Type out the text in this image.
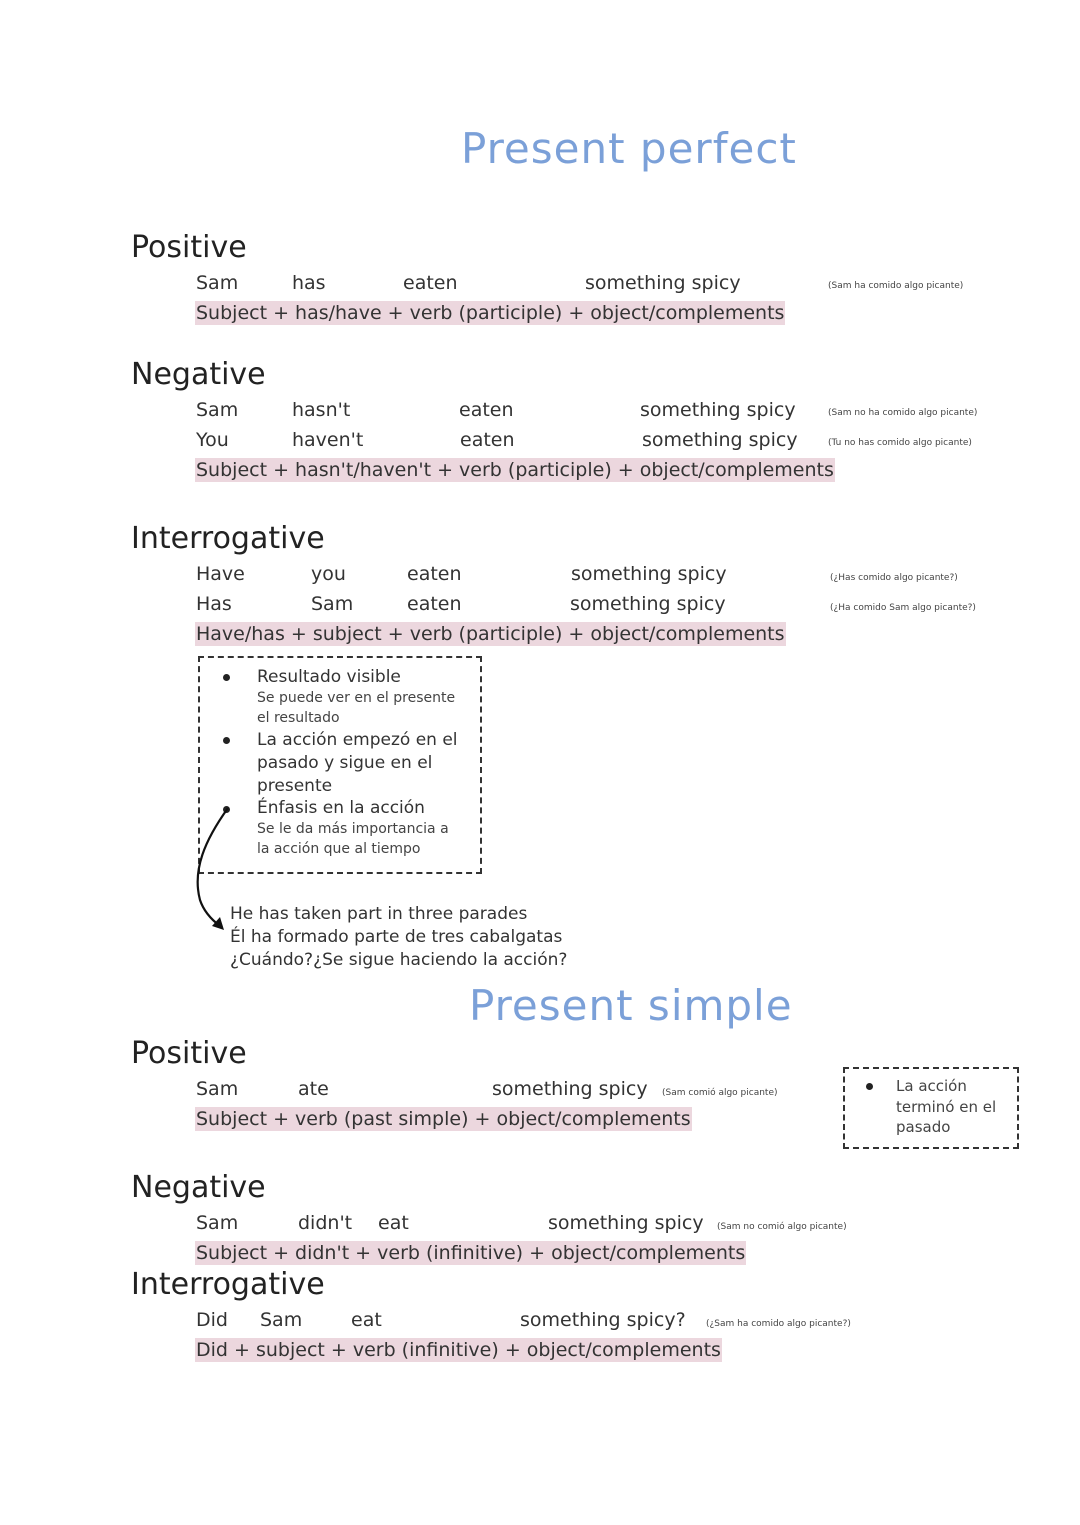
Present perfect
Positive
Sam	has	eaten	something spicy	(Sam ha comido algo picante)
Subject + has/have + verb (participle) + object/complements
Negative
Sam	hasn't	eaten	something spicy	(Sam no ha comido algo picante)
You	haven't	eaten	something spicy	(Tu no has comido algo picante)
Subject + hasn't/haven't + verb (participle) + object/complements
Interrogative
Have	you	eaten	something spicy	(¿Has comido algo picante?)
Has	Sam	eaten	something spicy	(¿Ha comido Sam algo picante?)
Have/has + subject + verb (participle) + object/complements
Resultado visible
Se puede ver en el presente
el resultado
La acción empezó en el
pasado y sigue en el
presente
Énfasis en la acción
Se le da más importancia a
la acción que al tiempo
He has taken part in three parades
Él ha formado parte de tres cabalgatas
¿Cuándo?¿Se sigue haciendo la acción?
Present simple
Positive
Sam	ate	something spicy (Sam comió algo picante)
Subject + verb (past simple) + object/complements
La acción
terminó en el
pasado
Negative
Sam	didn't eat	something spicy (Sam no comió algo picante)
Subject + didn't + verb (infinitive) + object/complements
Interrogative
Did Sam	eat	something spicy? (¿Sam ha comido algo picante?)
Did + subject + verb (infinitive) + object/complements
